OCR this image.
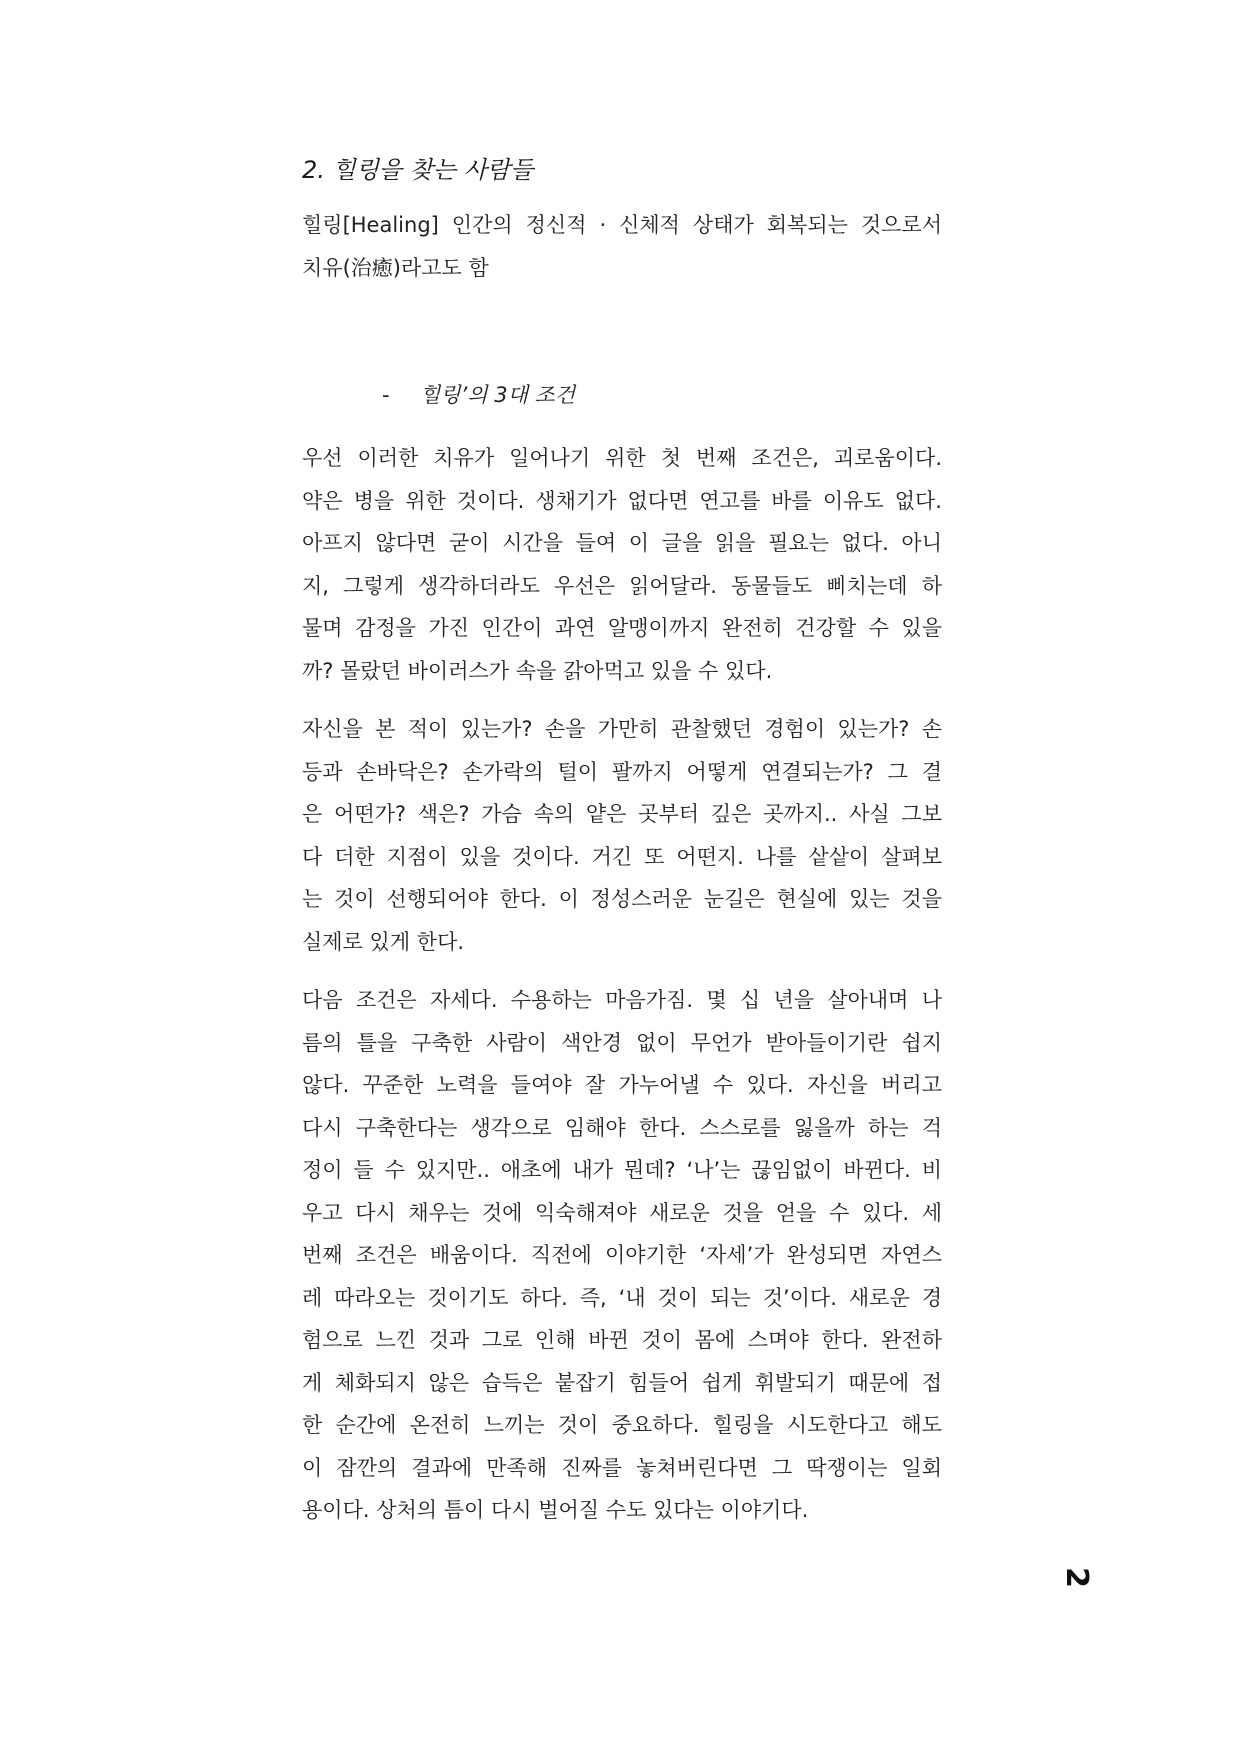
2. 힐링을 찾는 사람들
힐링[Healing] 인간의 정신적 · 신체적 상태가 회복되는 것으로서
치유(治癒)라고도 함
-	힐링’의 3대 조건
우선 이러한 치유가 일어나기 위한 첫 번째 조건은, 괴로움이다.
약은 병을 위한 것이다. 생채기가 없다면 연고를 바를 이유도 없다.
아프지 않다면 굳이 시간을 들여 이 글을 읽을 필요는 없다. 아니
지, 그렇게 생각하더라도 우선은 읽어달라. 동물들도 삐치는데 하
물며 감정을 가진 인간이 과연 알맹이까지 완전히 건강할 수 있을
까? 몰랐던 바이러스가 속을 갉아먹고 있을 수 있다.
자신을 본 적이 있는가? 손을 가만히 관찰했던 경험이 있는가? 손
등과 손바닥은? 손가락의 털이 팔까지 어떻게 연결되는가? 그 결
은 어떤가? 색은? 가슴 속의 얕은 곳부터 깊은 곳까지.. 사실 그보
다 더한 지점이 있을 것이다. 거긴 또 어떤지. 나를 샅샅이 살펴보
는 것이 선행되어야 한다. 이 정성스러운 눈길은 현실에 있는 것을
실제로 있게 한다.
다음 조건은 자세다. 수용하는 마음가짐. 몇 십 년을 살아내며 나
름의 틀을 구축한 사람이 색안경 없이 무언가 받아들이기란 쉽지
않다. 꾸준한 노력을 들여야 잘 가누어낼 수 있다. 자신을 버리고
다시 구축한다는 생각으로 임해야 한다. 스스로를 잃을까 하는 걱
정이 들 수 있지만.. 애초에 내가 뭔데? ‘나’는 끊임없이 바뀐다. 비
우고 다시 채우는 것에 익숙해져야 새로운 것을 얻을 수 있다. 세
번째 조건은 배움이다. 직전에 이야기한 ‘자세’가 완성되면 자연스
레 따라오는 것이기도 하다. 즉, ‘내 것이 되는 것’이다. 새로운 경
험으로 느낀 것과 그로 인해 바뀐 것이 몸에 스며야 한다. 완전하
게 체화되지 않은 습득은 붙잡기 힘들어 쉽게 휘발되기 때문에 접
한 순간에 온전히 느끼는 것이 중요하다. 힐링을 시도한다고 해도
이 잠깐의 결과에 만족해 진짜를 놓쳐버린다면 그 딱쟁이는 일회
용이다. 상처의 틈이 다시 벌어질 수도 있다는 이야기다.
2
